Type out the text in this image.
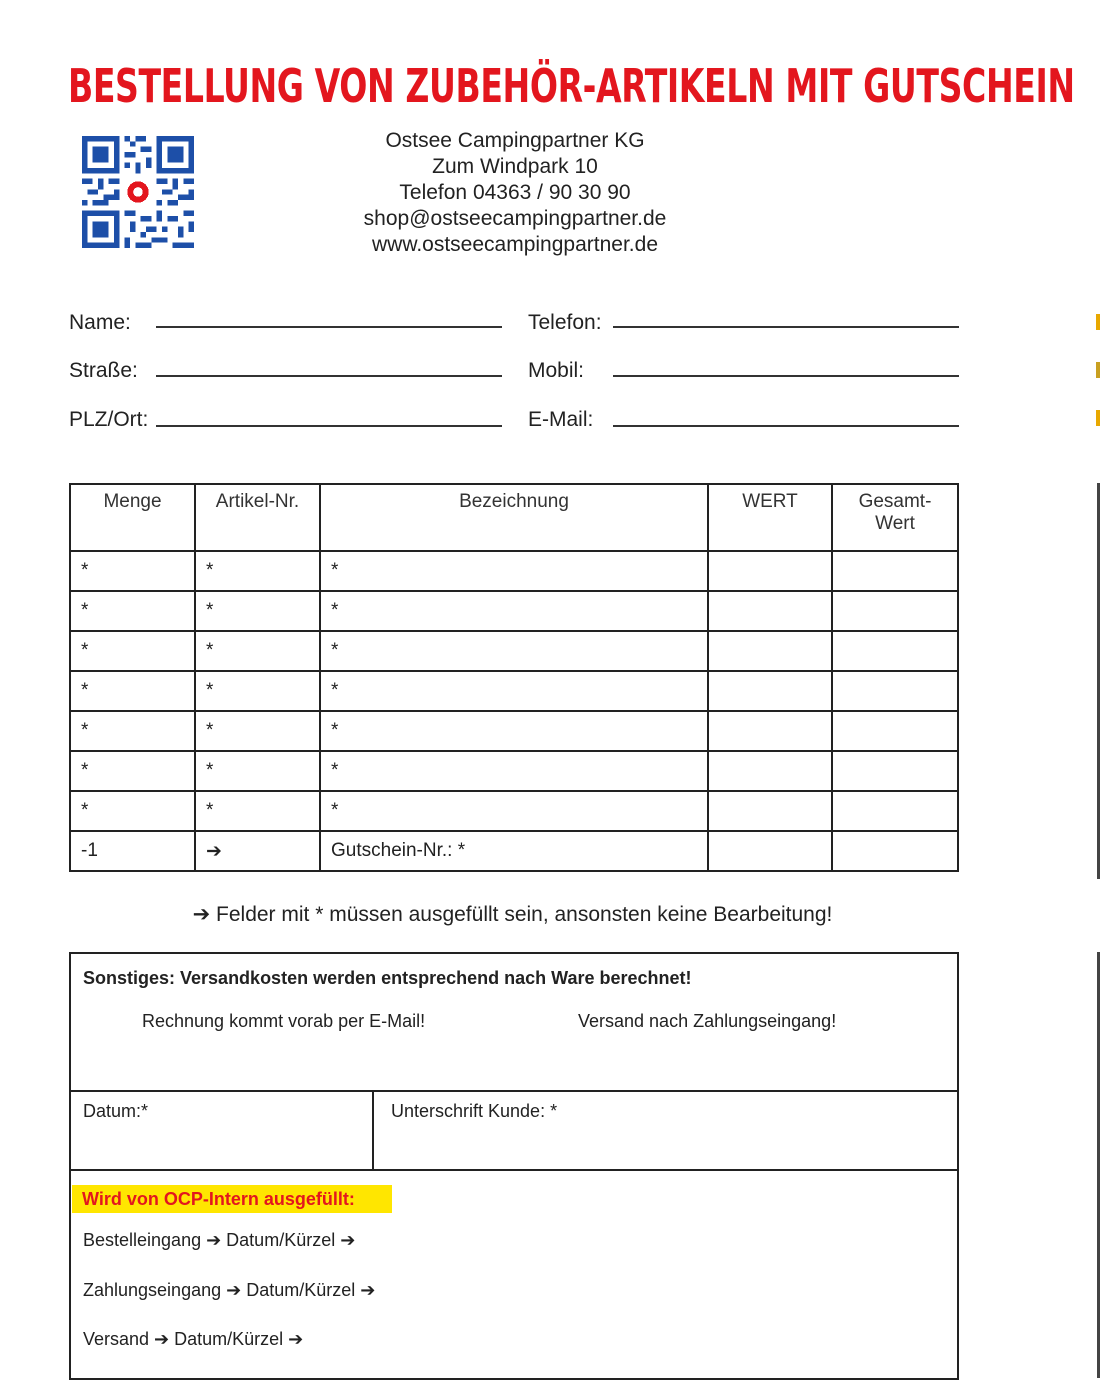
BESTELLUNG VON ZUBEHÖR-ARTIKELN MIT GUTSCHEIN
Ostsee Campingpartner KG
Zum Windpark 10
Telefon 04363 / 90 30 90
shop@ostseecampingpartner.de
www.ostseecampingpartner.de
Name:
Straße:
PLZ/Ort:
Telefon:
Mobil:
E-Mail:
Menge	Artikel-Nr.	Bezeichnung	WERT	Gesamt-
Wert
*	*	*		
*	*	*		
*	*	*		
*	*	*		
*	*	*		
*	*	*		
*	*	*		
-1	➔	Gutschein-Nr.: *		
➔ Felder mit * müssen ausgefüllt sein, ansonsten keine Bearbeitung!
Sonstiges: Versandkosten werden entsprechend nach Ware berechnet!
Rechnung kommt vorab per E-Mail!	Versand nach Zahlungseingang!
Datum:*	Unterschrift Kunde: *
Wird von OCP-Intern ausgefüllt:
Bestelleingang ➔ Datum/Kürzel ➔
Zahlungseingang ➔ Datum/Kürzel ➔
Versand ➔ Datum/Kürzel ➔
